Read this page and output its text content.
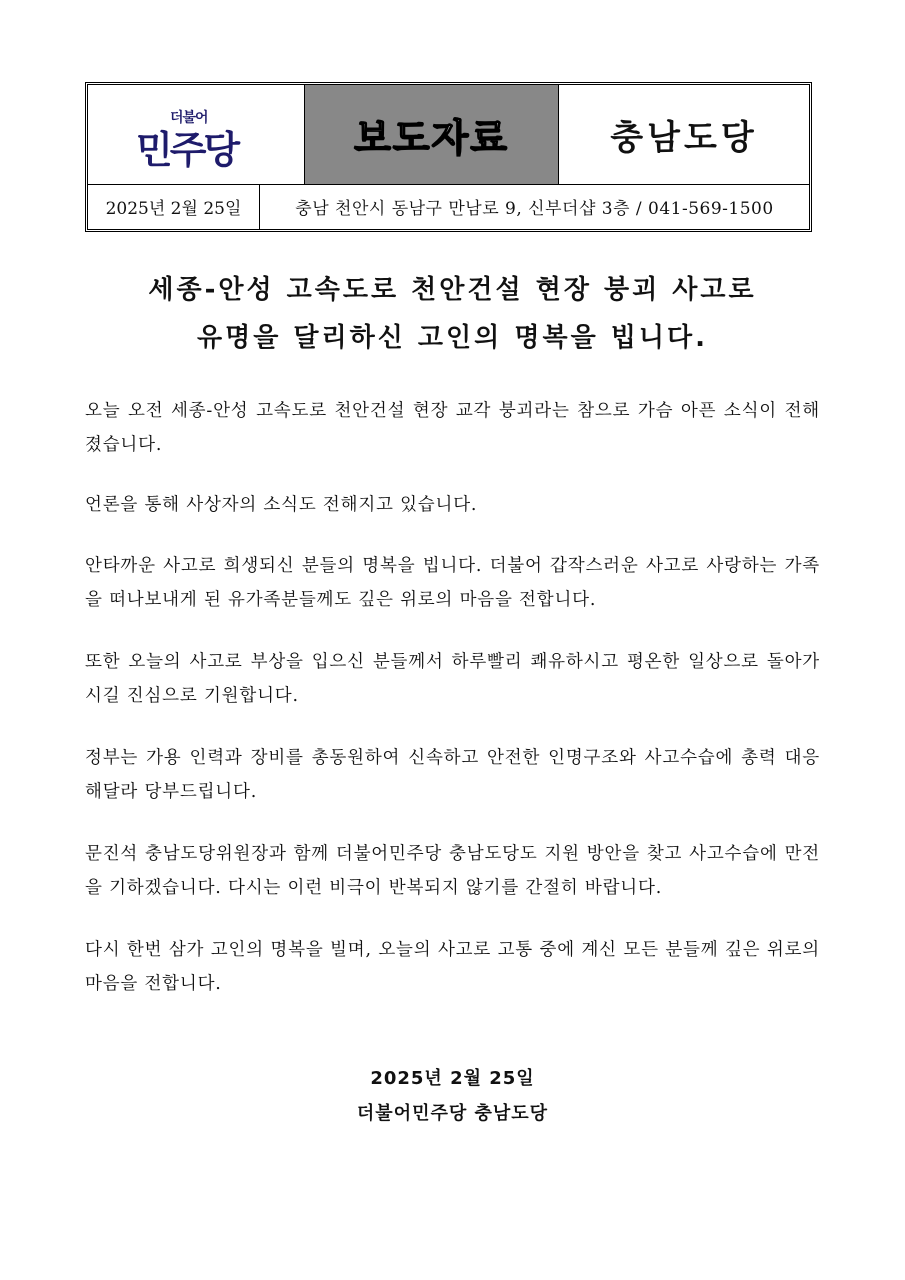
더불어
민주당	보도자료	충남도당
2025년 2월 25일	충남 천안시 동남구 만남로 9, 신부더샵 3층 / 041-569-1500
세종-안성 고속도로 천안건설 현장 붕괴 사고로
유명을 달리하신 고인의 명복을 빕니다.
오늘 오전 세종-안성 고속도로 천안건설 현장 교각 붕괴라는 참으로 가슴 아픈 소식이 전해졌습니다.
언론을 통해 사상자의 소식도 전해지고 있습니다.
안타까운 사고로 희생되신 분들의 명복을 빕니다. 더불어 갑작스러운 사고로 사랑하는 가족을 떠나보내게 된 유가족분들께도 깊은 위로의 마음을 전합니다.
또한 오늘의 사고로 부상을 입으신 분들께서 하루빨리 쾌유하시고 평온한 일상으로 돌아가시길 진심으로 기원합니다.
정부는 가용 인력과 장비를 총동원하여 신속하고 안전한 인명구조와 사고수습에 총력 대응해달라 당부드립니다.
문진석 충남도당위원장과 함께 더불어민주당 충남도당도 지원 방안을 찾고 사고수습에 만전을 기하겠습니다. 다시는 이런 비극이 반복되지 않기를 간절히 바랍니다.
다시 한번 삼가 고인의 명복을 빌며, 오늘의 사고로 고통 중에 계신 모든 분들께 깊은 위로의 마음을 전합니다.
2025년 2월 25일
더불어민주당 충남도당
